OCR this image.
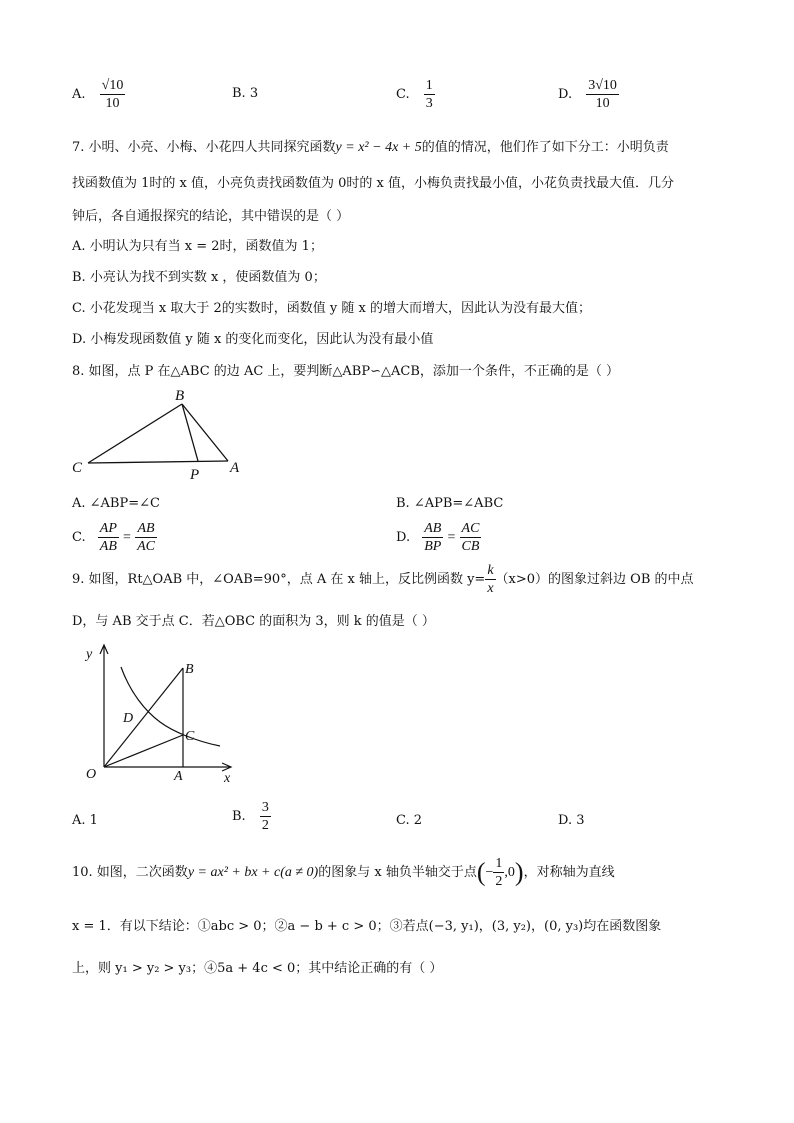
A. $\frac{√10}{10}$	B. 3	C. $\frac{1}{3}$	D. $\frac{3√10}{10}$
7. 小明、小亮、小梅、小花四人共同探究函数y = x² − 4x + 5的值的情况，他们作了如下分工：小明负责
找函数值为 1时的 x 值，小亮负责找函数值为 0时的 x 值，小梅负责找最小值，小花负责找最大值．几分
钟后，各自通报探究的结论，其中错误的是（ ）
A. 小明认为只有当 x = 2时，函数值为 1；
B. 小亮认为找不到实数 x ，使函数值为 0；
C. 小花发现当 x 取大于 2的实数时，函数值 y 随 x 的增大而增大，因此认为没有最大值；
D. 小梅发现函数值 y 随 x 的变化而变化，因此认为没有最小值
8. 如图，点 P 在△ABC 的边 AC 上，要判断△ABP∽△ACB，添加一个条件，不正确的是（ ）
B
C	P A
A. ∠ABP=∠C	B. ∠APB=∠ABC
C. $\frac{AP}{AB} = \frac{AB}{AC}$	D. $\frac{AB}{BP} = \frac{AC}{CB}$
9. 如图，Rt△OAB 中，∠OAB=90°，点 A 在 x 轴上，反比例函数 $y= \frac{k}{x} (x>0)$的图象过斜边 OB 的中点
D，与 AB 交于点 C．若△OBC 的面积为 3，则 k 的值是（ ）
y
B
D
C
O	A	x
A. 1	B. $\frac{3}{2}$	C. 2	D. 3
10. 如图，二次函数y = ax² + bx + c(a ≠ 0)的图象与 x 轴负半轴交于点(− $\frac{1}{2} ,0$)，对称轴为直线
x = 1．有以下结论：①abc > 0；②a − b + c > 0；③若点(−3, y₁)，(3, y₂)，(0, y₃)均在函数图象
上，则 y₁ > y₂ > y₃；④5a + 4c < 0；其中结论正确的有（ ）
